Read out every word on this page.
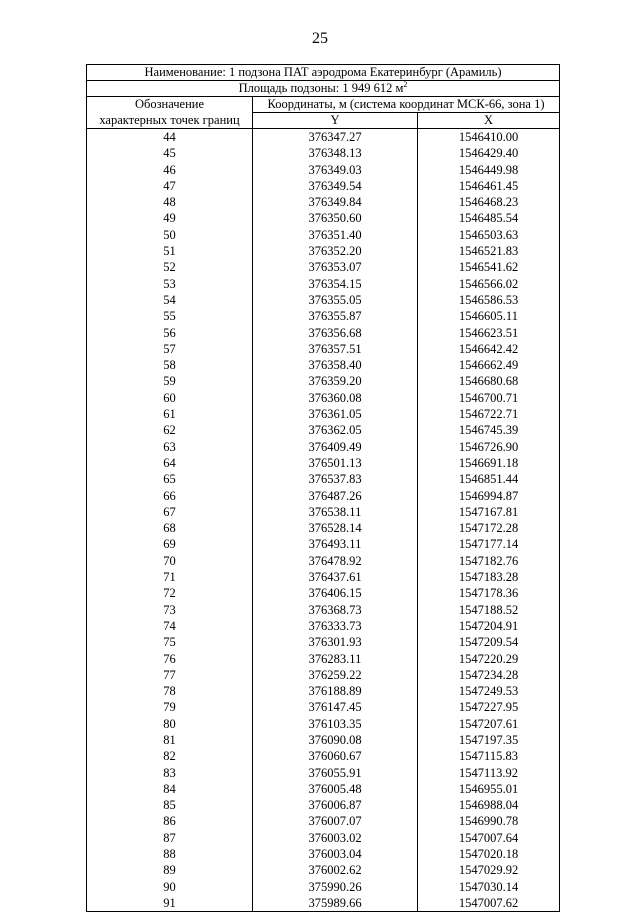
25
Наименование: 1 подзона ПАТ аэродрома Екатеринбург (Арамиль)		
Площадь подзоны: 1 949 612 $м^2$
Обозначение	Координаты, м (система координат МСК-66, зона 1)	
характерных точек границ	Y	X
44	376347.27	1546410.00
45	376348.13	1546429.40
46	376349.03	1546449.98
47	376349.54	1546461.45
48	376349.84	1546468.23
49	376350.60	1546485.54
50	376351.40	1546503.63
51	376352.20	1546521.83
52	376353.07	1546541.62
53	376354.15	1546566.02
54	376355.05	1546586.53
55	376355.87	1546605.11
56	376356.68	1546623.51
57	376357.51	1546642.42
58	376358.40	1546662.49
59	376359.20	1546680.68
60	376360.08	1546700.71
61	376361.05	1546722.71
62	376362.05	1546745.39
63	376409.49	1546726.90
64	376501.13	1546691.18
65	376537.83	1546851.44
66	376487.26	1546994.87
67	376538.11	1547167.81
68	376528.14	1547172.28
69	376493.11	1547177.14
70	376478.92	1547182.76
71	376437.61	1547183.28
72	376406.15	1547178.36
73	376368.73	1547188.52
74	376333.73	1547204.91
75	376301.93	1547209.54
76	376283.11	1547220.29
77	376259.22	1547234.28
78	376188.89	1547249.53
79	376147.45	1547227.95
80	376103.35	1547207.61
81	376090.08	1547197.35
82	376060.67	1547115.83
83	376055.91	1547113.92
84	376005.48	1546955.01
85	376006.87	1546988.04
86	376007.07	1546990.78
87	376003.02	1547007.64
88	376003.04	1547020.18
89	376002.62	1547029.92
90	375990.26	1547030.14
91	375989.66	1547007.62
